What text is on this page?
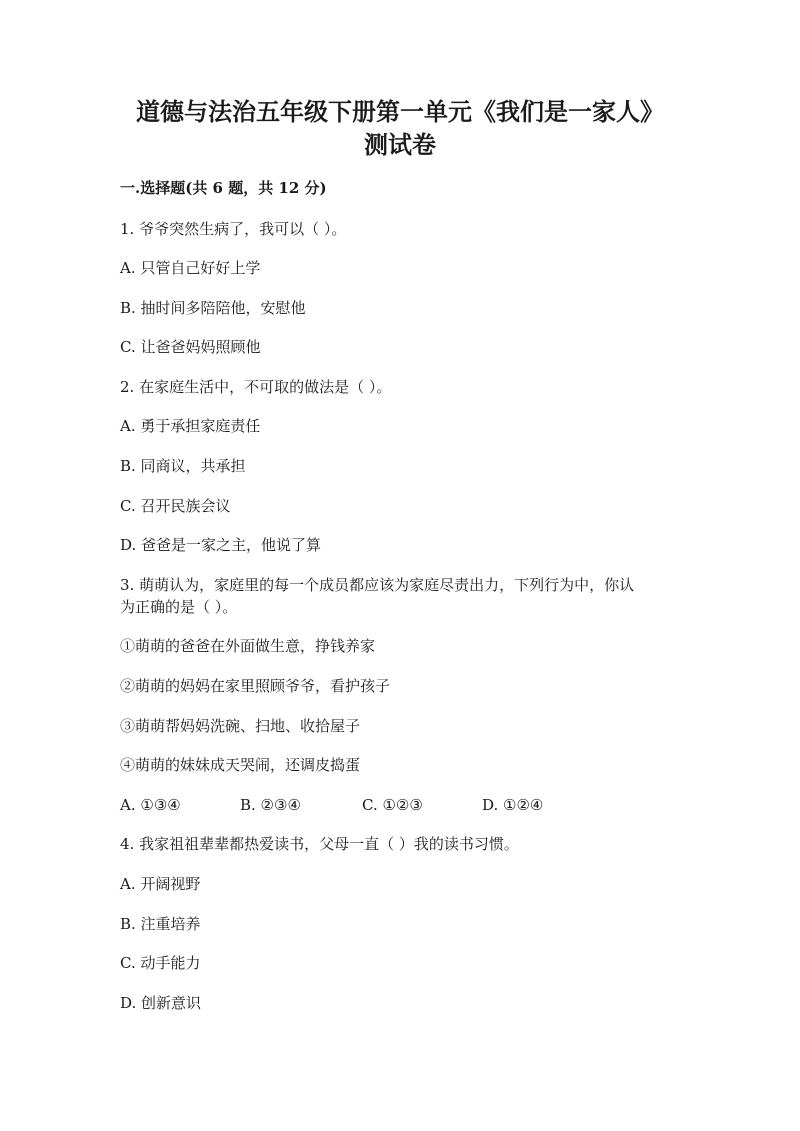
道德与法治五年级下册第一单元《我们是一家人》
测试卷
一.选择题(共 6 题，共 12 分)
1. 爷爷突然生病了，我可以（ ）。
A. 只管自己好好上学
B. 抽时间多陪陪他，安慰他
C. 让爸爸妈妈照顾他
2. 在家庭生活中，不可取的做法是（ ）。
A. 勇于承担家庭责任
B. 同商议，共承担
C. 召开民族会议
D. 爸爸是一家之主，他说了算
3. 萌萌认为，家庭里的每一个成员都应该为家庭尽责出力，下列行为中，你认
为正确的是（ ）。
①萌萌的爸爸在外面做生意，挣钱养家
②萌萌的妈妈在家里照顾爷爷，看护孩子
③萌萌帮妈妈洗碗、扫地、收拾屋子
④萌萌的妹妹成天哭闹，还调皮捣蛋
A. ①③④	B. ②③④	C. ①②③	D. ①②④
4. 我家祖祖辈辈都热爱读书，父母一直（ ）我的读书习惯。
A. 开阔视野
B. 注重培养
C. 动手能力
D. 创新意识
